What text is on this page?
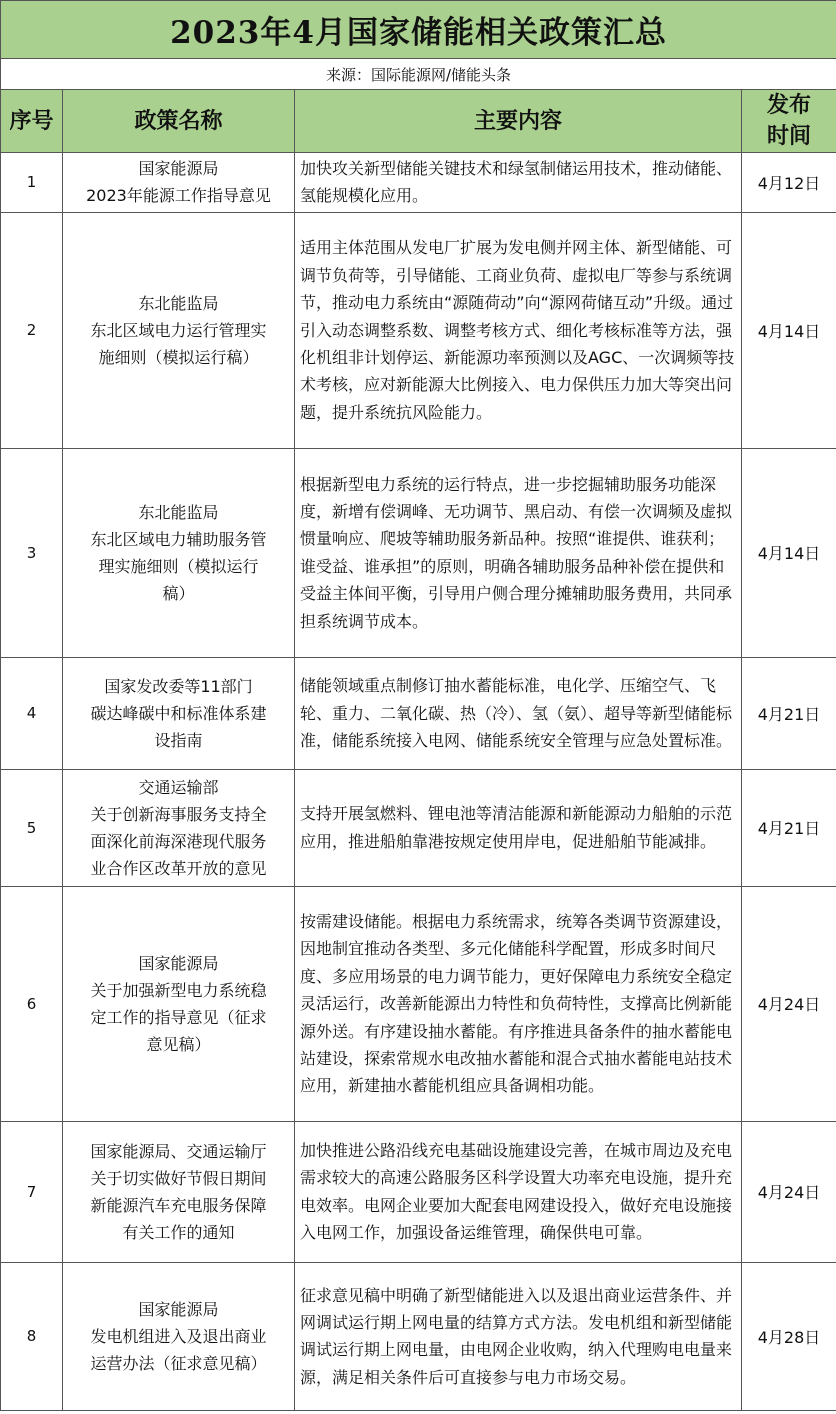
2023年4月国家储能相关政策汇总			
来源：国际能源网/储能头条			
序号	政策名称	主要内容	发布
时间

1	国家能源局
2023年能源工作指导意见	加快攻关新型储能关键技术和绿氢制储运用技术，推动储能、氢能规模化应用。	4月12日
2	东北能监局
东北区域电力运行管理实
施细则（模拟运行稿）	适用主体范围从发电厂扩展为发电侧并网主体、新型储能、可调节负荷等，引导储能、工商业负荷、虚拟电厂等参与系统调节，推动电力系统由“源随荷动”向“源网荷储互动”升级。通过引入动态调整系数、调整考核方式、细化考核标准等方法，强化机组非计划停运、新能源功率预测以及AGC、一次调频等技术考核，应对新能源大比例接入、电力保供压力加大等突出问题，提升系统抗风险能力。	4月14日
3	东北能监局
东北区域电力辅助服务管
理实施细则（模拟运行
稿）	根据新型电力系统的运行特点，进一步挖掘辅助服务功能深度，新增有偿调峰、无功调节、黑启动、有偿一次调频及虚拟惯量响应、爬坡等辅助服务新品种。按照“谁提供、谁获利；谁受益、谁承担”的原则，明确各辅助服务品种补偿在提供和受益主体间平衡，引导用户侧合理分摊辅助服务费用，共同承担系统调节成本。	4月14日
4	国家发改委等11部门
碳达峰碳中和标准体系建
设指南	储能领域重点制修订抽水蓄能标准，电化学、压缩空气、飞轮、重力、二氧化碳、热（冷）、氢（氨）、超导等新型储能标准，储能系统接入电网、储能系统安全管理与应急处置标准。	4月21日
5	交通运输部
关于创新海事服务支持全
面深化前海深港现代服务
业合作区改革开放的意见	支持开展氢燃料、锂电池等清洁能源和新能源动力船舶的示范应用，推进船舶靠港按规定使用岸电，促进船舶节能减排。	4月21日
6	国家能源局
关于加强新型电力系统稳
定工作的指导意见（征求
意见稿）	按需建设储能。根据电力系统需求，统筹各类调节资源建设，因地制宜推动各类型、多元化储能科学配置，形成多时间尺度、多应用场景的电力调节能力，更好保障电力系统安全稳定灵活运行，改善新能源出力特性和负荷特性，支撑高比例新能源外送。有序建设抽水蓄能。有序推进具备条件的抽水蓄能电站建设，探索常规水电改抽水蓄能和混合式抽水蓄能电站技术应用，新建抽水蓄能机组应具备调相功能。	4月24日
7	国家能源局、交通运输厅
关于切实做好节假日期间
新能源汽车充电服务保障
有关工作的通知	加快推进公路沿线充电基础设施建设完善，在城市周边及充电需求较大的高速公路服务区科学设置大功率充电设施，提升充电效率。电网企业要加大配套电网建设投入，做好充电设施接入电网工作，加强设备运维管理，确保供电可靠。	4月24日
8	国家能源局
发电机组进入及退出商业
运营办法（征求意见稿）	征求意见稿中明确了新型储能进入以及退出商业运营条件、并网调试运行期上网电量的结算方式方法。发电机组和新型储能调试运行期上网电量，由电网企业收购，纳入代理购电电量来源，满足相关条件后可直接参与电力市场交易。	4月28日
